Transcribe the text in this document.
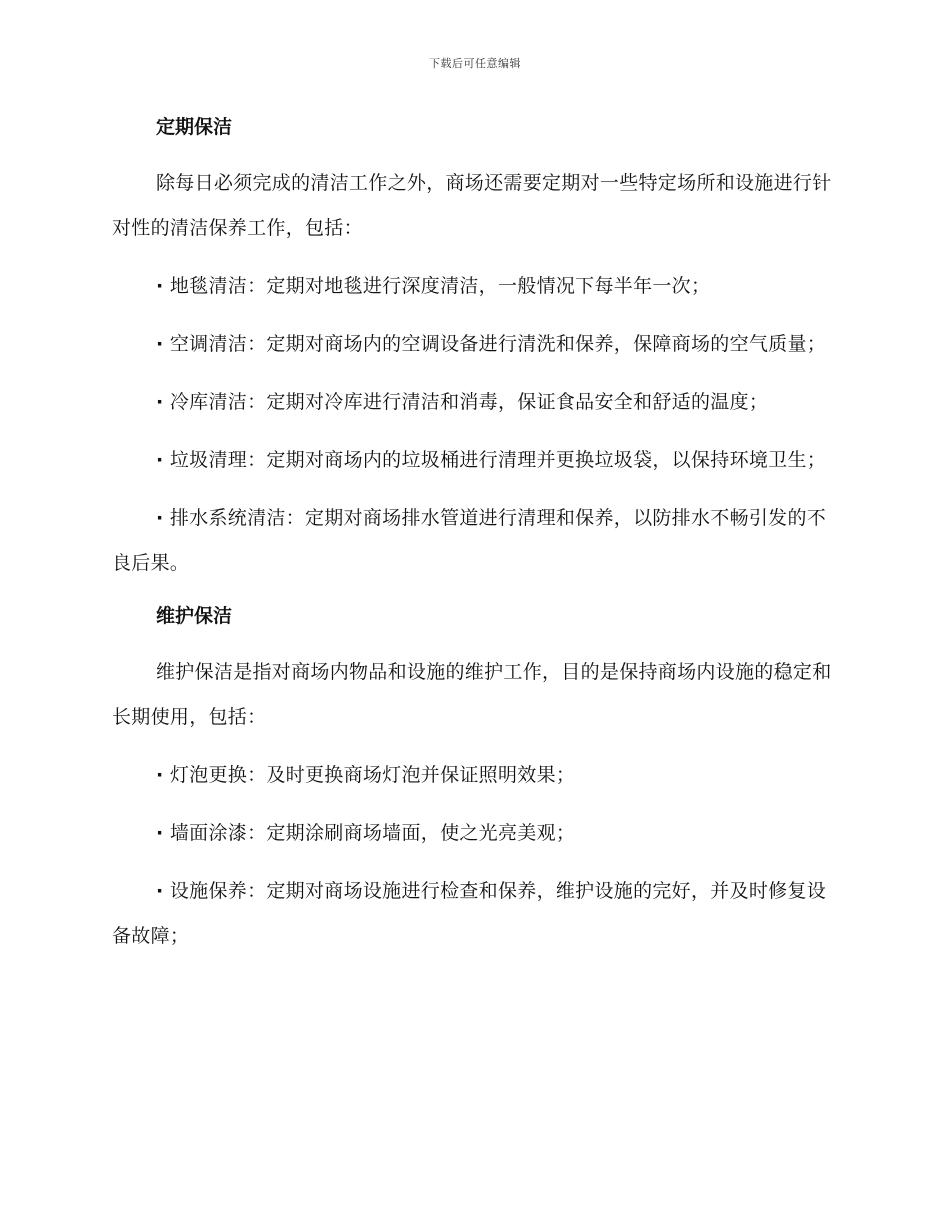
下载后可任意编辑
定期保洁
除每日必须完成的清洁工作之外，商场还需要定期对一些特定场所和设施进行针对性的清洁保养工作，包括：
· 地毯清洁：定期对地毯进行深度清洁，一般情况下每半年一次；
· 空调清洁：定期对商场内的空调设备进行清洗和保养，保障商场的空气质量；
· 冷库清洁：定期对冷库进行清洁和消毒，保证食品安全和舒适的温度；
· 垃圾清理：定期对商场内的垃圾桶进行清理并更换垃圾袋，以保持环境卫生；
· 排水系统清洁：定期对商场排水管道进行清理和保养，以防排水不畅引发的不良后果。
维护保洁
维护保洁是指对商场内物品和设施的维护工作，目的是保持商场内设施的稳定和长期使用，包括：
· 灯泡更换：及时更换商场灯泡并保证照明效果；
· 墙面涂漆：定期涂刷商场墙面，使之光亮美观；
· 设施保养：定期对商场设施进行检查和保养，维护设施的完好，并及时修复设备故障；
